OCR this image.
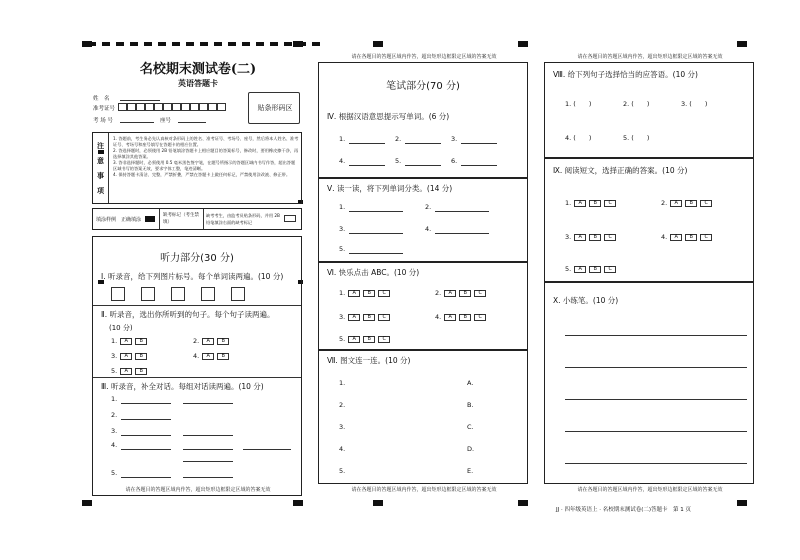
名校期末测试卷(二)
英语答题卡
姓　名
准考证号
考 场 号	座号
贴条形码区
注
意
事
项
1. 答题前，考生务必先认真核对条形码上的姓名、准考证号、考场号、座号，然后将本人姓名、准考证号、考场号和座号填写在答题卡的相应位置。
2. 答选择题时，必须使用 2B 铅笔填涂答题卡上相应题目的答案标号，修改时，要用橡皮擦干净，再选择填涂其他答案。
3. 答非选择题时，必须使用 0.5 毫米黑色签字笔，在题号所指示的答题区域内书写作答，超出答题区域书写的答案无效，要求字体工整，笔迹清晰。
4. 保持答题卡清洁、完整，严禁折叠，严禁在答题卡上做任何标记，严禁使用涂改液、修正带。
填涂样例 正确填涂
缺考标记（考生禁填）
缺考考生，由监考员贴条形码，并用 2B 铅笔填涂右面的缺考标记
听力部分(30 分)
Ⅰ. 听录音，给下列图片标号。每个单词读两遍。(10 分)
Ⅱ. 听录音，选出你所听到的句子。每个句子读两遍。
(10 分)
1.	A	B	2.	A	B
3.	A	B	4.	A	B
5.	A	B
Ⅲ. 听录音，补全对话。每组对话读两遍。(10 分)
1.
2.
3.
4.
5.
请在各题目的答题区域内作答，超出矩形边框限定区域的答案无效
请在各题目的答题区域内作答，超出矩形边框限定区域的答案无效
笔试部分(70 分)
Ⅳ. 根据汉语意思提示写单词。(6 分)
1.	2.	3.
4.	5.	6.
Ⅴ. 读一读，将下列单词分类。(14 分)
1.	2.
3.	4.
5.
Ⅵ. 快乐点击 ABC。(10 分)
1.	A	B	C	2.	A	B	C
3.	A	B	C	4.	A	B	C
5.	A	B	C
Ⅶ. 图文连一连。(10 分)
1.	A.
2.	B.
3.	C.
4.	D.
5.	E.
请在各题目的答题区域内作答，超出矩形边框限定区域的答案无效
请在各题目的答题区域内作答，超出矩形边框限定区域的答案无效
Ⅷ. 给下列句子选择恰当的应答语。(10 分)
1. (　　)	2. (　　)	3. (　　)
4. (　　)	5. (　　)
Ⅸ. 阅读短文，选择正确的答案。(10 分)
1.	A	B	C	2.	A	B	C
3.	A	B	C	4.	A	B	C
5.	A	B	C
Ⅹ. 小练笔。(10 分)
请在各题目的答题区域内作答，超出矩形边框限定区域的答案无效
JJ · 四年级英语上 · 名校期末测试卷(二)答题卡　第 1 页
